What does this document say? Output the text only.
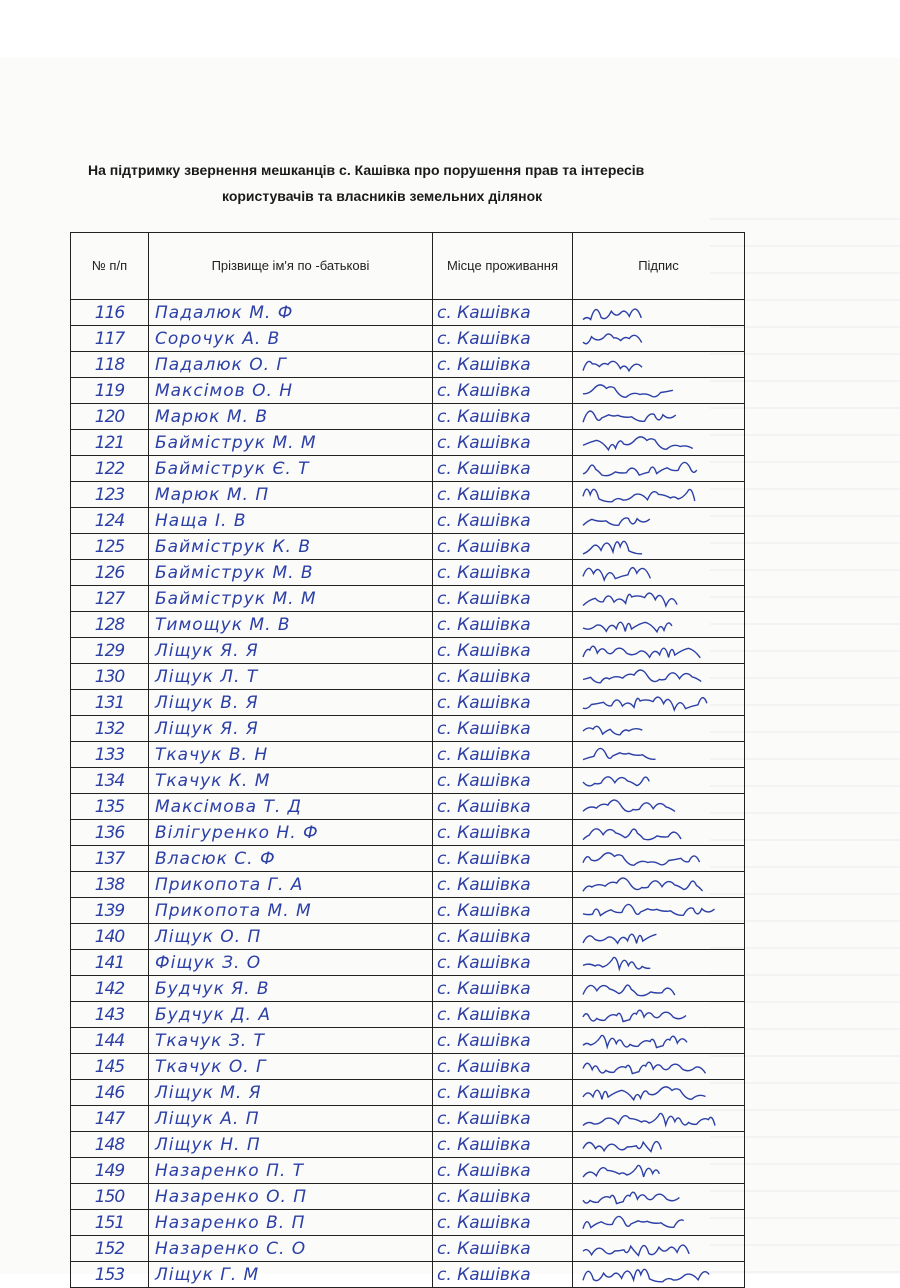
На підтримку звернення мешканців с. Кашівка про порушення прав та інтересів
користувачів та власників земельних ділянок
№ п/п	Прізвище ім'я по -батькові	Місце проживання	Підпис
116	Падалюк М. Ф	с. Кашівка	

117	Сорочук А. В	с. Кашівка	

118	Падалюк О. Г	с. Кашівка	

119	Максімов О. Н	с. Кашівка	

120	Марюк М. В	с. Кашівка	

121	Байміструк М. М	с. Кашівка	

122	Байміструк Є. Т	с. Кашівка	

123	Марюк М. П	с. Кашівка	

124	Наща І. В	с. Кашівка	

125	Байміструк К. В	с. Кашівка	

126	Байміструк М. В	с. Кашівка	

127	Байміструк М. М	с. Кашівка	

128	Тимощук М. В	с. Кашівка	

129	Ліщук Я. Я	с. Кашівка	

130	Ліщук Л. Т	с. Кашівка	

131	Ліщук В. Я	с. Кашівка	

132	Ліщук Я. Я	с. Кашівка	

133	Ткачук В. Н	с. Кашівка	

134	Ткачук К. М	с. Кашівка	

135	Максімова Т. Д	с. Кашівка	

136	Вілігуренко Н. Ф	с. Кашівка	

137	Власюк С. Ф	с. Кашівка	

138	Прикопота Г. А	с. Кашівка	

139	Прикопота М. М	с. Кашівка	

140	Ліщук О. П	с. Кашівка	

141	Фіщук З. О	с. Кашівка	

142	Будчук Я. В	с. Кашівка	

143	Будчук Д. А	с. Кашівка	

144	Ткачук З. Т	с. Кашівка	

145	Ткачук О. Г	с. Кашівка	

146	Ліщук М. Я	с. Кашівка	

147	Ліщук А. П	с. Кашівка	

148	Ліщук Н. П	с. Кашівка	

149	Назаренко П. Т	с. Кашівка	

150	Назаренко О. П	с. Кашівка	

151	Назаренко В. П	с. Кашівка	

152	Назаренко С. О	с. Кашівка	

153	Ліщук Г. М	с. Кашівка	
